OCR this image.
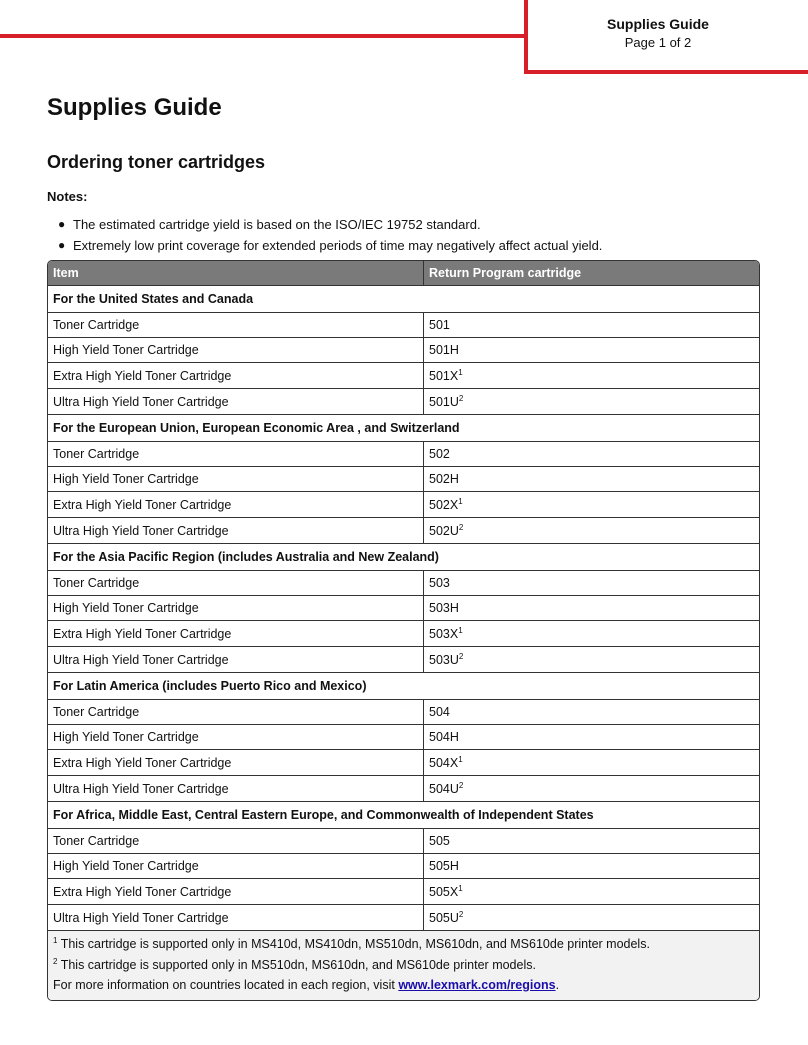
Supplies Guide
Page 1 of 2
Supplies Guide
Ordering toner cartridges
Notes:
● The estimated cartridge yield is based on the ISO/IEC 19752 standard.
● Extremely low print coverage for extended periods of time may negatively affect actual yield.
Item	Return Program cartridge
For the United States and Canada	
Toner Cartridge	501
High Yield Toner Cartridge	501H
Extra High Yield Toner Cartridge	$501X^1$
Ultra High Yield Toner Cartridge	$501U^2$
For the European Union, European Economic Area , and Switzerland	
Toner Cartridge	502
High Yield Toner Cartridge	502H
Extra High Yield Toner Cartridge	$502X^1$
Ultra High Yield Toner Cartridge	$502U^2$
For the Asia Pacific Region (includes Australia and New Zealand)	
Toner Cartridge	503
High Yield Toner Cartridge	503H
Extra High Yield Toner Cartridge	$503X^1$
Ultra High Yield Toner Cartridge	$503U^2$
For Latin America (includes Puerto Rico and Mexico)	
Toner Cartridge	504
High Yield Toner Cartridge	504H
Extra High Yield Toner Cartridge	$504X^1$
Ultra High Yield Toner Cartridge	$504U^2$
For Africa, Middle East, Central Eastern Europe, and Commonwealth of Independent States	
Toner Cartridge	505
High Yield Toner Cartridge	505H
Extra High Yield Toner Cartridge	$505X^1$
Ultra High Yield Toner Cartridge	$505U^2$

$^1$ This cartridge is supported only in MS410d, MS410dn, MS510dn, MS610dn, and MS610de printer models.
$^2$ This cartridge is supported only in MS510dn, MS610dn, and MS610de printer models.
For more information on countries located in each region, visit www.lexmark.com/regions.	
